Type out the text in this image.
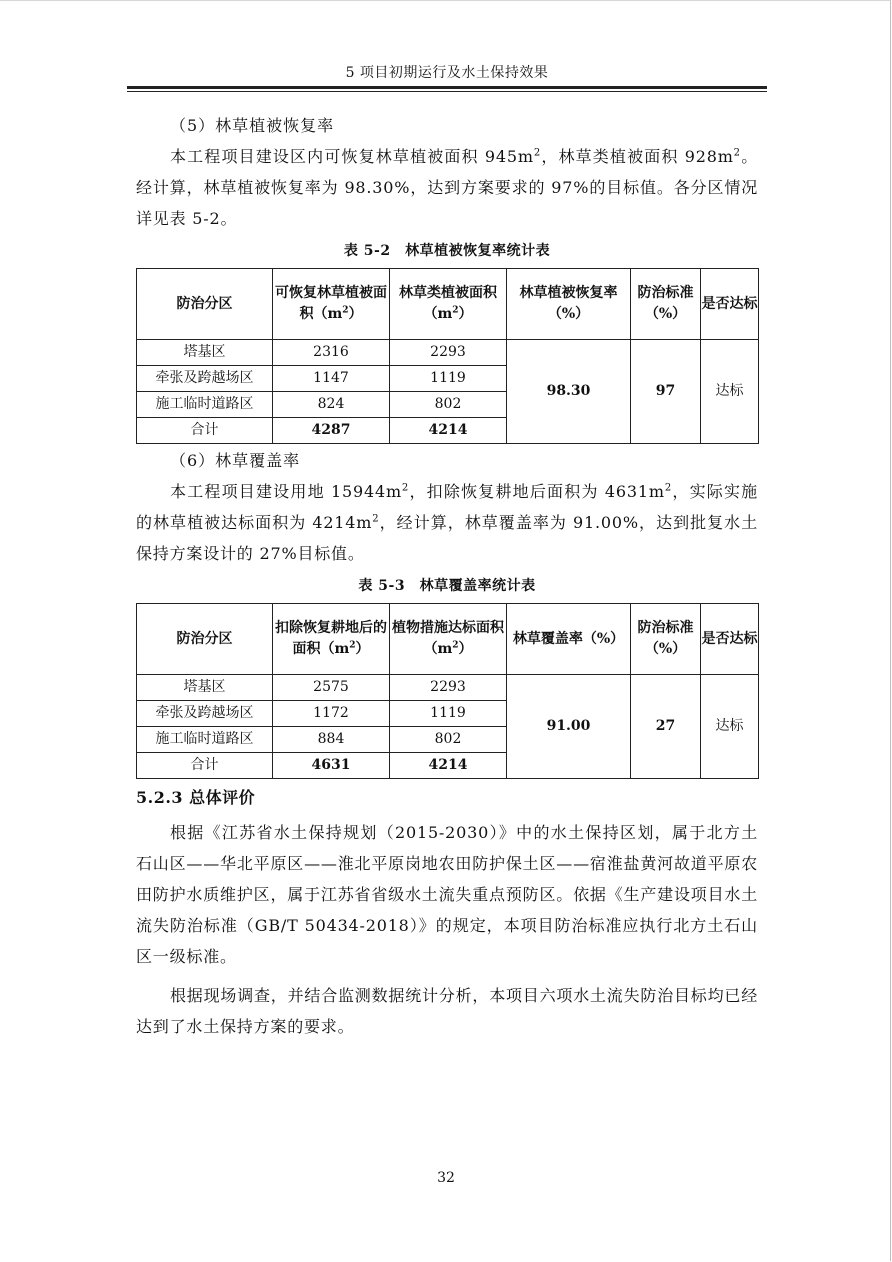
5 项目初期运行及水土保持效果

（5）林草植被恢复率

本工程项目建设区内可恢复林草植被面积 $945m^2$，林草类植被面积 $928m^2$。经计算，林草植被恢复率为 98.30%，达到方案要求的 97%的目标值。各分区情况详见表 5-2。

表 5-2　林草植被恢复率统计表
防治分区	可恢复林草植被面积$(m^2)$	林草类植被面积$(m^2)$	林草植被恢复率（%）	防治标准（%）	是否达标
塔基区	2316	2293	98.30	97	达标
牵张及跨越场区	1147	1119			
施工临时道路区	824	802			
合计	4287	4214			

（6）林草覆盖率

本工程项目建设用地 $15944m^2$，扣除恢复耕地后面积为 $4631m^2$，实际实施的林草植被达标面积为 $4214m^2$，经计算，林草覆盖率为 91.00%，达到批复水土保持方案设计的 27%目标值。

表 5-3　林草覆盖率统计表
防治分区	扣除恢复耕地后的面积$(m^2)$	植物措施达标面积$(m^2)$	林草覆盖率（%）	防治标准（%）	是否达标
塔基区	2575	2293	91.00	27	达标
牵张及跨越场区	1172	1119			
施工临时道路区	884	802			
合计	4631	4214			

5.2.3 总体评价

根据《江苏省水土保持规划（2015-2030）》中的水土保持区划，属于北方土石山区——华北平原区——淮北平原岗地农田防护保土区——宿淮盐黄河故道平原农田防护水质维护区，属于江苏省省级水土流失重点预防区。依据《生产建设项目水土流失防治标准（GB/T 50434-2018）》的规定，本项目防治标准应执行北方土石山区一级标准。

根据现场调查，并结合监测数据统计分析，本项目六项水土流失防治目标均已经达到了水土保持方案的要求。

32
